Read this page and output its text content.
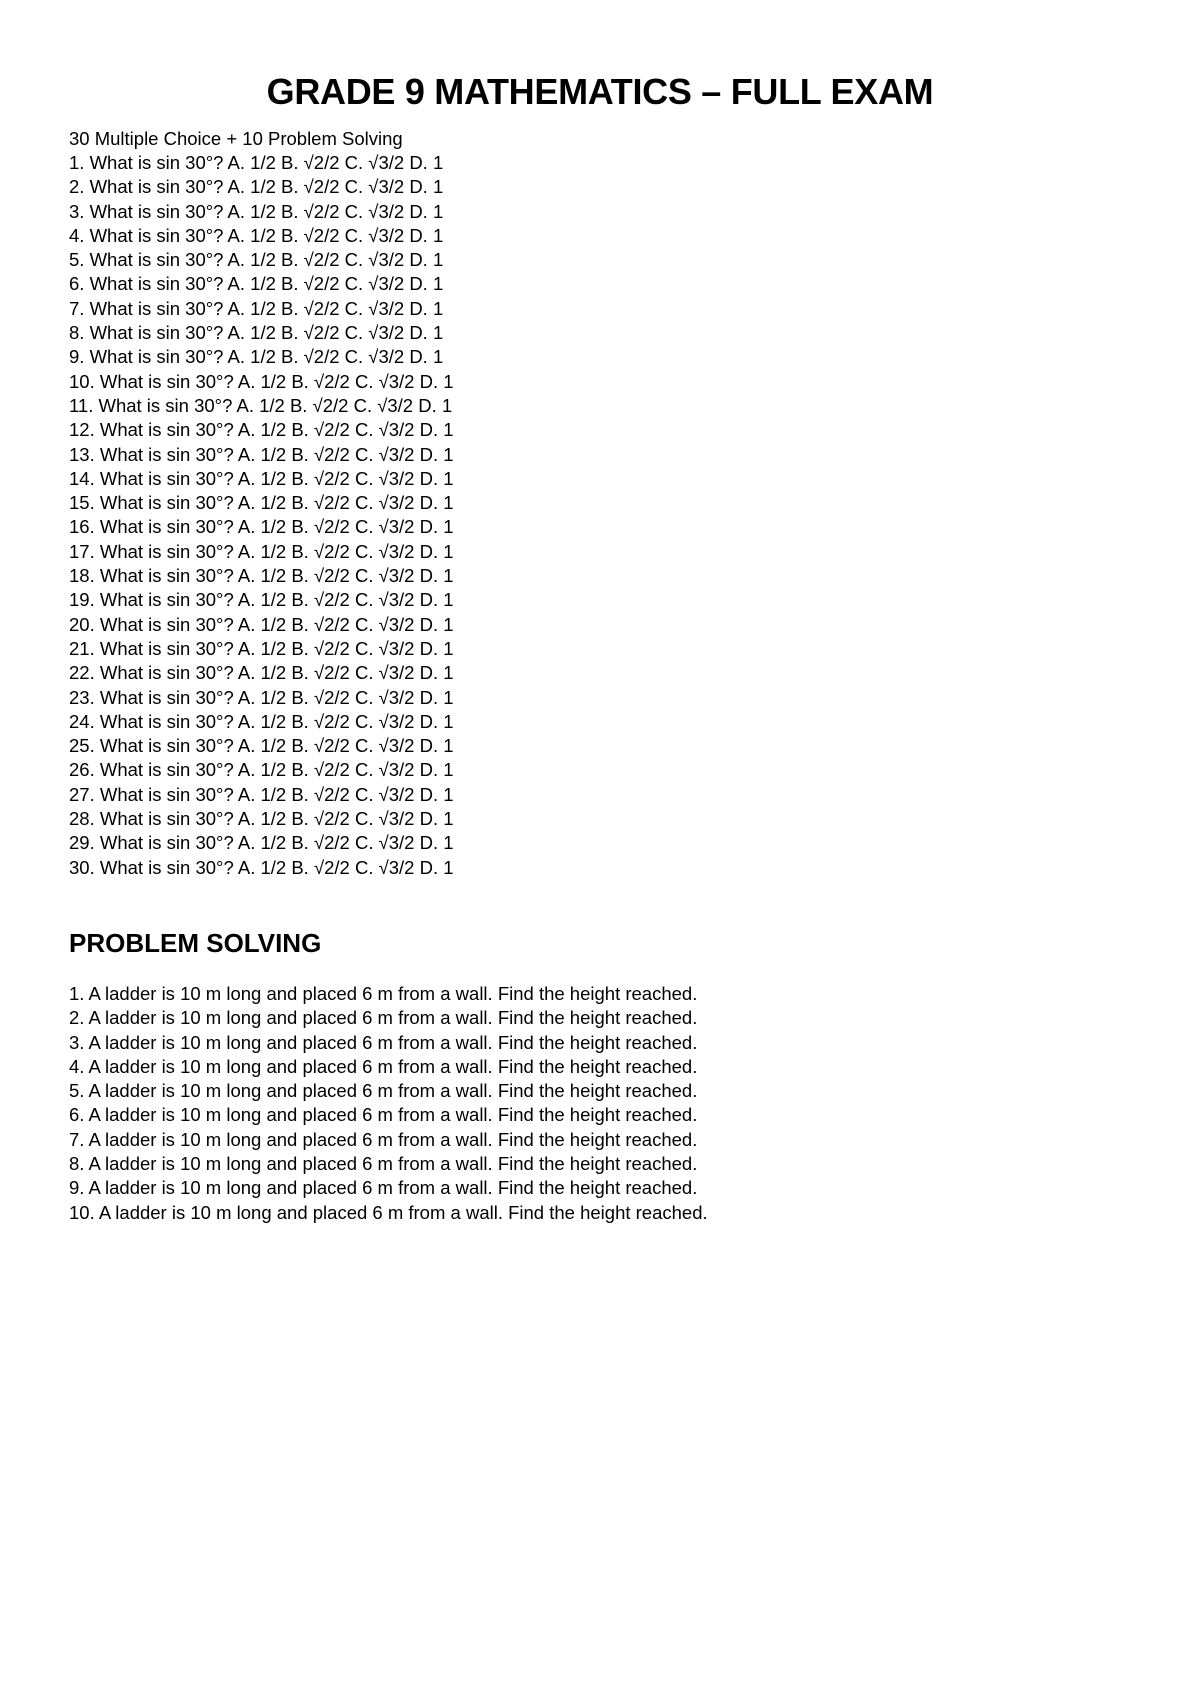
GRADE 9 MATHEMATICS – FULL EXAM

30 Multiple Choice + 10 Problem Solving

1. What is sin 30°? A. 1/2 B. √2/2 C. √3/2 D. 1
2. What is sin 30°? A. 1/2 B. √2/2 C. √3/2 D. 1
3. What is sin 30°? A. 1/2 B. √2/2 C. √3/2 D. 1
4. What is sin 30°? A. 1/2 B. √2/2 C. √3/2 D. 1
5. What is sin 30°? A. 1/2 B. √2/2 C. √3/2 D. 1
6. What is sin 30°? A. 1/2 B. √2/2 C. √3/2 D. 1
7. What is sin 30°? A. 1/2 B. √2/2 C. √3/2 D. 1
8. What is sin 30°? A. 1/2 B. √2/2 C. √3/2 D. 1
9. What is sin 30°? A. 1/2 B. √2/2 C. √3/2 D. 1
10. What is sin 30°? A. 1/2 B. √2/2 C. √3/2 D. 1
11. What is sin 30°? A. 1/2 B. √2/2 C. √3/2 D. 1
12. What is sin 30°? A. 1/2 B. √2/2 C. √3/2 D. 1
13. What is sin 30°? A. 1/2 B. √2/2 C. √3/2 D. 1
14. What is sin 30°? A. 1/2 B. √2/2 C. √3/2 D. 1
15. What is sin 30°? A. 1/2 B. √2/2 C. √3/2 D. 1
16. What is sin 30°? A. 1/2 B. √2/2 C. √3/2 D. 1
17. What is sin 30°? A. 1/2 B. √2/2 C. √3/2 D. 1
18. What is sin 30°? A. 1/2 B. √2/2 C. √3/2 D. 1
19. What is sin 30°? A. 1/2 B. √2/2 C. √3/2 D. 1
20. What is sin 30°? A. 1/2 B. √2/2 C. √3/2 D. 1
21. What is sin 30°? A. 1/2 B. √2/2 C. √3/2 D. 1
22. What is sin 30°? A. 1/2 B. √2/2 C. √3/2 D. 1
23. What is sin 30°? A. 1/2 B. √2/2 C. √3/2 D. 1
24. What is sin 30°? A. 1/2 B. √2/2 C. √3/2 D. 1
25. What is sin 30°? A. 1/2 B. √2/2 C. √3/2 D. 1
26. What is sin 30°? A. 1/2 B. √2/2 C. √3/2 D. 1
27. What is sin 30°? A. 1/2 B. √2/2 C. √3/2 D. 1
28. What is sin 30°? A. 1/2 B. √2/2 C. √3/2 D. 1
29. What is sin 30°? A. 1/2 B. √2/2 C. √3/2 D. 1
30. What is sin 30°? A. 1/2 B. √2/2 C. √3/2 D. 1
PROBLEM SOLVING
1. A ladder is 10 m long and placed 6 m from a wall. Find the height reached.
2. A ladder is 10 m long and placed 6 m from a wall. Find the height reached.
3. A ladder is 10 m long and placed 6 m from a wall. Find the height reached.
4. A ladder is 10 m long and placed 6 m from a wall. Find the height reached.
5. A ladder is 10 m long and placed 6 m from a wall. Find the height reached.
6. A ladder is 10 m long and placed 6 m from a wall. Find the height reached.
7. A ladder is 10 m long and placed 6 m from a wall. Find the height reached.
8. A ladder is 10 m long and placed 6 m from a wall. Find the height reached.
9. A ladder is 10 m long and placed 6 m from a wall. Find the height reached.
10. A ladder is 10 m long and placed 6 m from a wall. Find the height reached.
